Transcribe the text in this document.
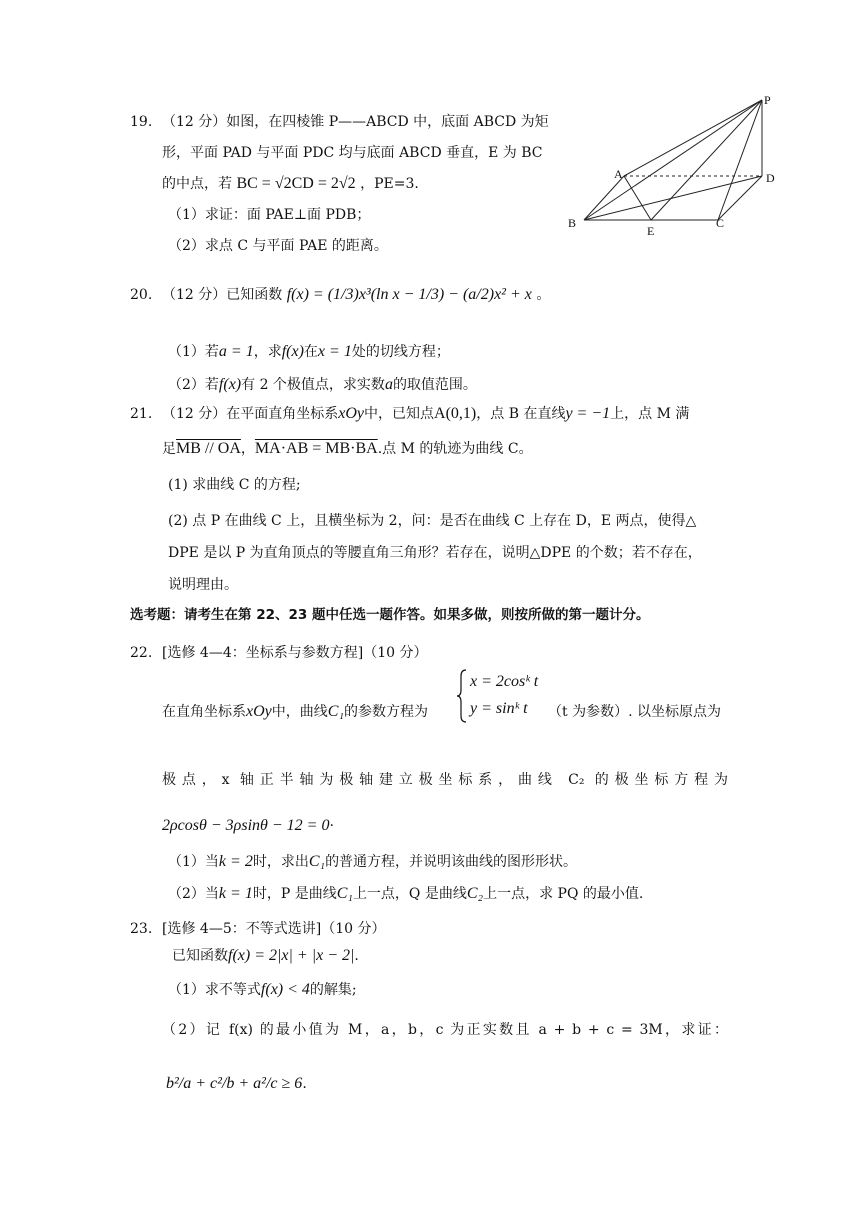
19. （12 分）如图，在四棱锥 P——ABCD 中，底面 ABCD 为矩
形，平面 PAD 与平面 PDC 均与底面 ABCD 垂直，E 为 BC
的中点，若 BC = √2CD = 2√2 ，PE=3.
（1）求证：面 PAE⊥面 PDB；
（2）求点 C 与平面 PAE 的距离。
P
A	D
B
E
C
20. （12 分）已知函数 f(x) = (1/3)x³(ln x − 1/3) − (a/2)x² + x 。
（1）若a = 1，求f(x)在x = 1处的切线方程；
（2）若f(x)有 2 个极值点，求实数a的取值范围。
21. （12 分）在平面直角坐标系xOy中，已知点A(0,1)，点 B 在直线y = −1上，点 M 满
足MB // OA，MA·AB = MB·BA.点 M 的轨迹为曲线 C。
(1) 求曲线 C 的方程;
(2) 点 P 在曲线 C 上，且横坐标为 2，问：是否在曲线 C 上存在 D，E 两点，使得△
DPE 是以 P 为直角顶点的等腰直角三角形？若存在，说明△DPE 的个数；若不存在，
说明理由。
选考题：请考生在第 22、23 题中任选一题作答。如果多做，则按所做的第一题计分。
22. [选修 4—4：坐标系与参数方程]（10 分）
x = 2cosᵏ t
y = sinᵏ t
在直角坐标系xOy中，曲线C₁的参数方程为	（t 为参数）. 以坐标原点为
极点，x 轴正半轴为极轴建立极坐标系，曲线 C₂ 的极坐标方程为
2ρcosθ − 3ρsinθ − 12 = 0·
（1）当k = 2时，求出C₁的普通方程，并说明该曲线的图形形状。
（2）当k = 1时，P 是曲线C₁上一点，Q 是曲线C₂上一点，求 PQ 的最小值.
23. [选修 4—5：不等式选讲]（10 分）
已知函数f(x) = 2|x| + |x − 2|.
（1）求不等式f(x) < 4的解集;
（2）记 f(x) 的最小值为 M，a，b，c 为正实数且 a + b + c = 3M，求证：
b²/a + c²/b + a²/c ≥ 6.
